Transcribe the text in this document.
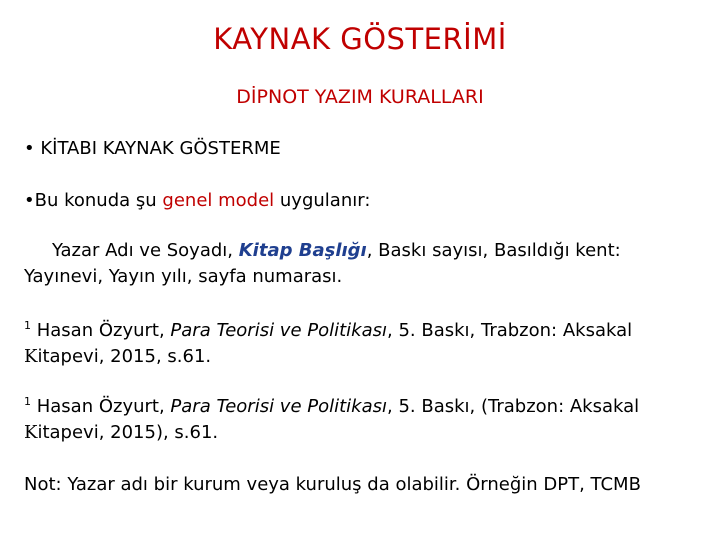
KAYNAK GÖSTERİMİ
DİPNOT YAZIM KURALLARI
• KİTABI KAYNAK GÖSTERME
•Bu konuda şu genel model uygulanır:
Yazar Adı ve Soyadı, Kitap Başlığı, Baskı sayısı, Basıldığı kent: Yayınevi, Yayın yılı, sayfa numarası.
$^1$ Hasan Özyurt, Para Teorisi ve Politikası, 5. Baskı, Trabzon: Aksakal
Kitapevi, 2015, s.61.
$^1$ Hasan Özyurt, Para Teorisi ve Politikası, 5. Baskı, (Trabzon: Aksakal
Kitapevi, 2015), s.61.
Not: Yazar adı bir kurum veya kuruluş da olabilir. Örneğin DPT, TCMB
